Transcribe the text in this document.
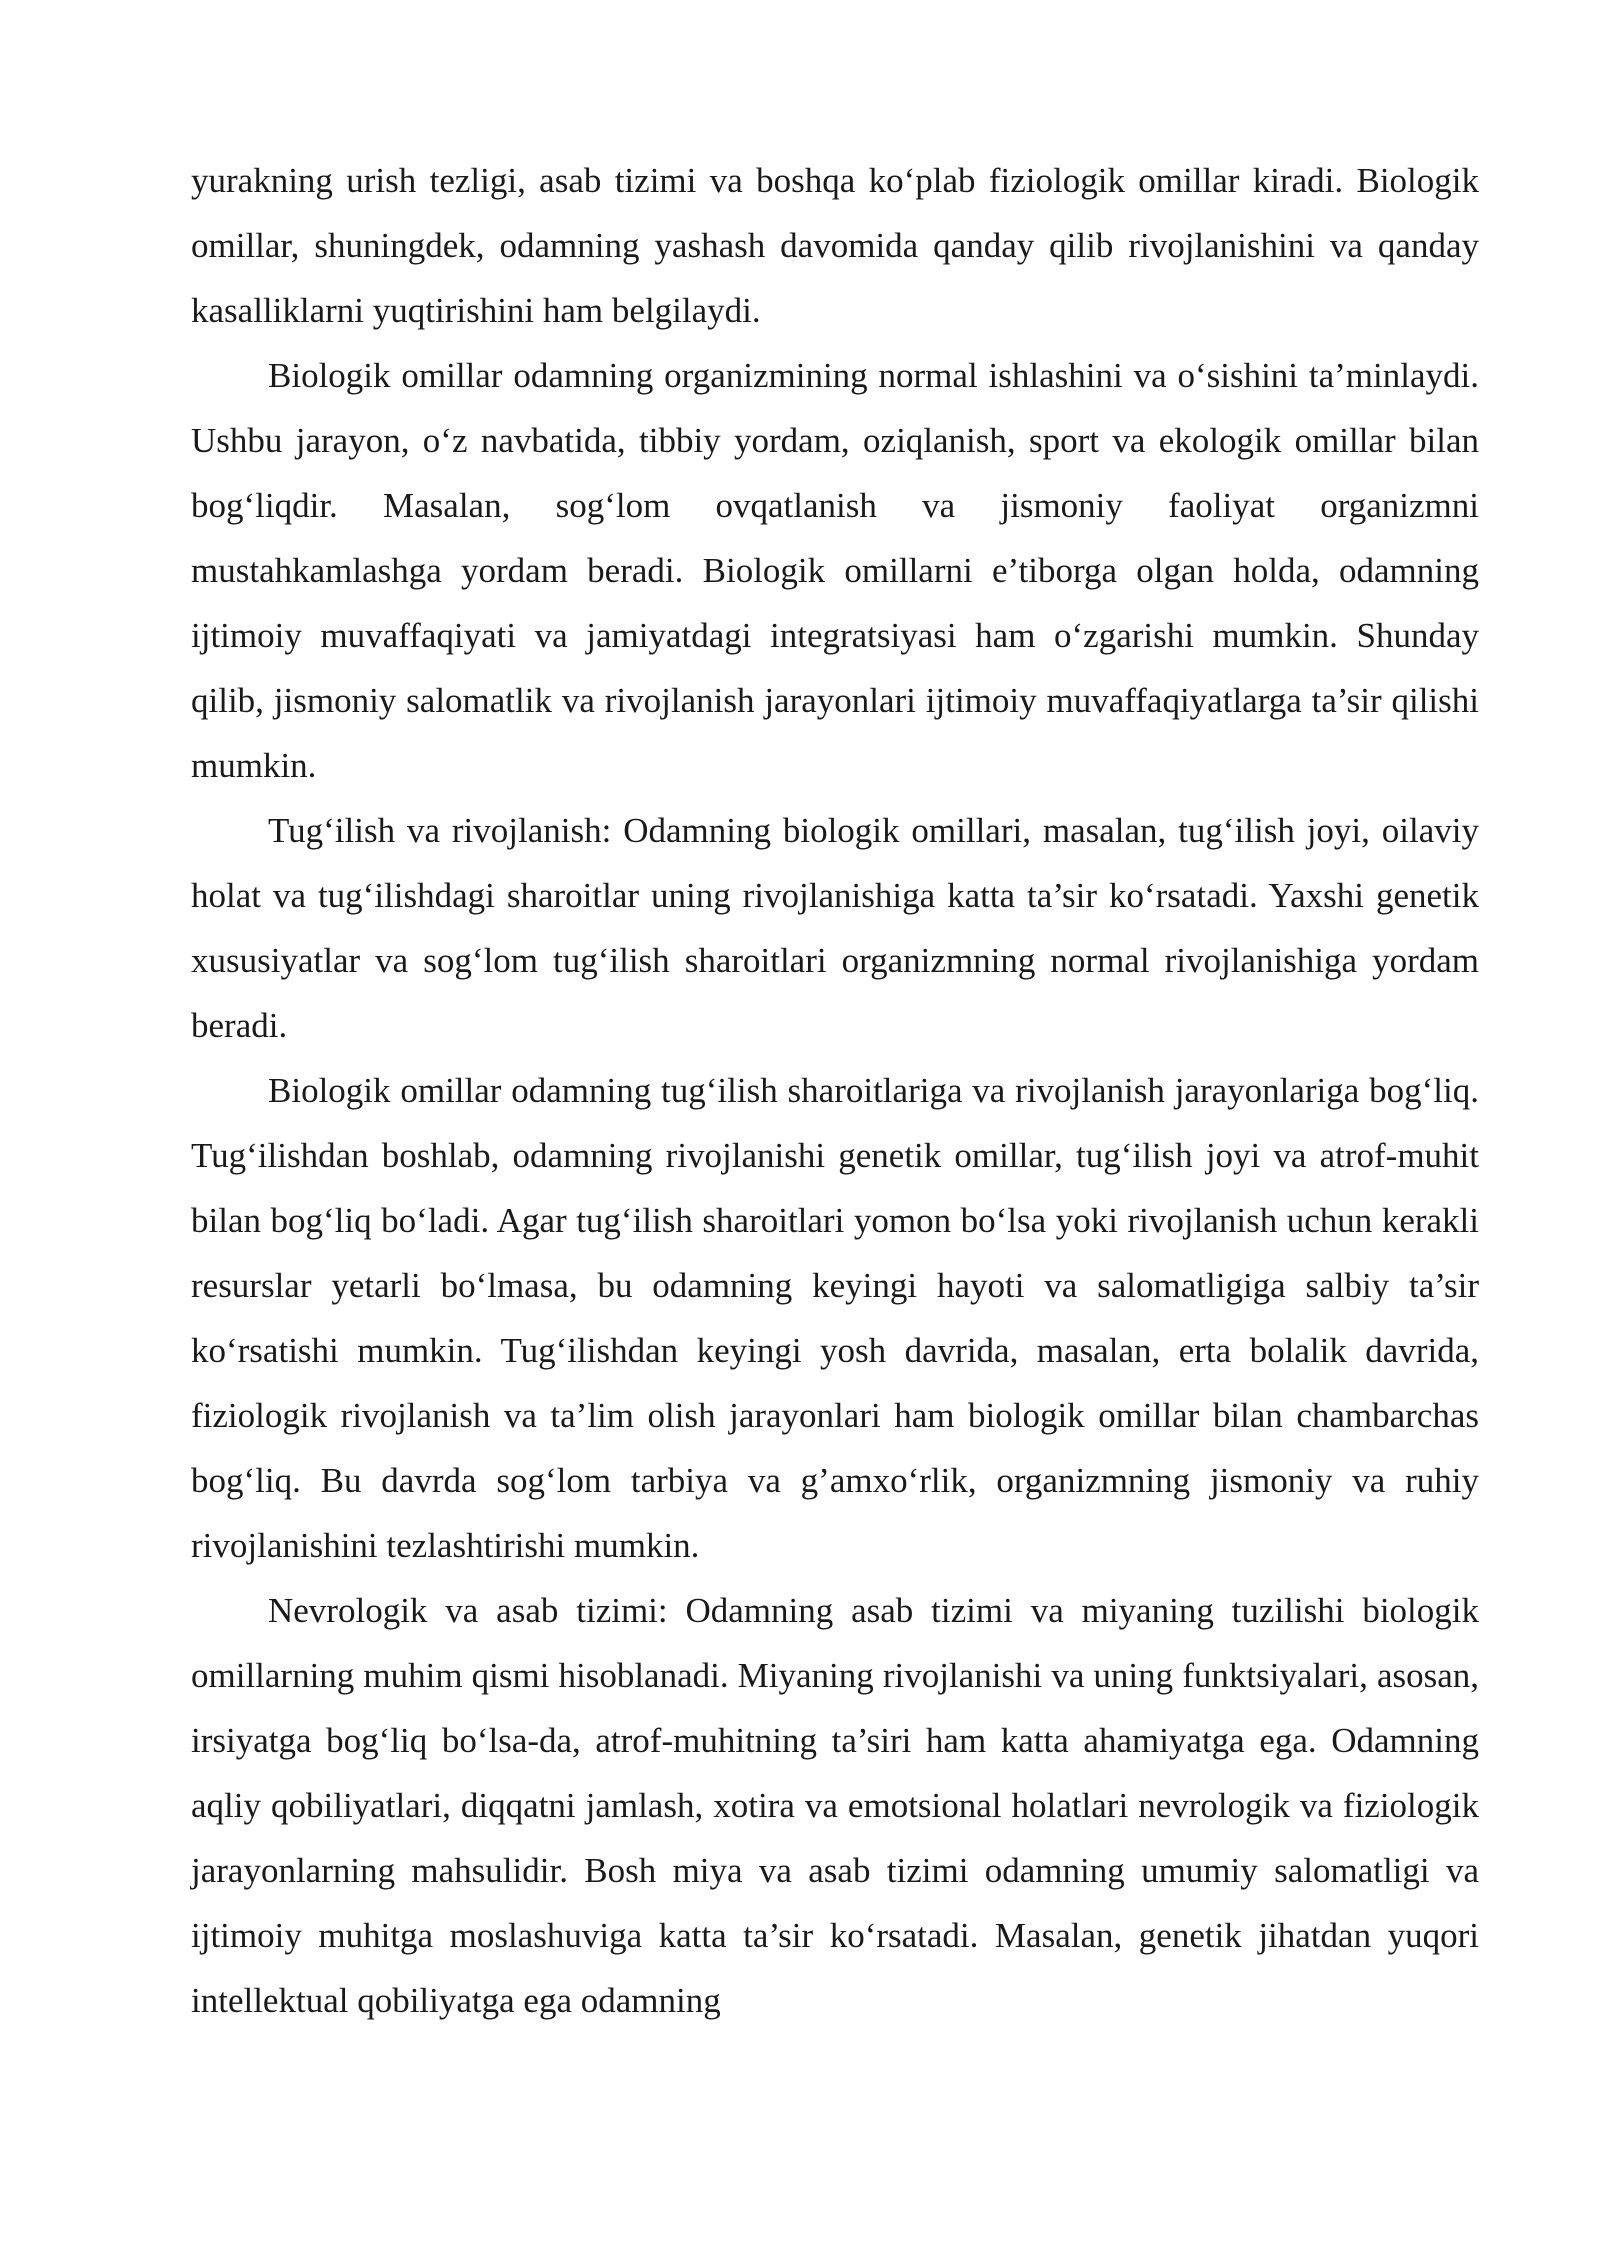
yurakning urish tezligi, asab tizimi va boshqa ko‘plab fiziologik omillar kiradi. Biologik omillar, shuningdek, odamning yashash davomida qanday qilib rivojlanishini va qanday kasalliklarni yuqtirishini ham belgilaydi.

Biologik omillar odamning organizmining normal ishlashini va o‘sishini ta’minlaydi. Ushbu jarayon, o‘z navbatida, tibbiy yordam, oziqlanish, sport va ekologik omillar bilan bog‘liqdir. Masalan, sog‘lom ovqatlanish va jismoniy faoliyat organizmni mustahkamlashga yordam beradi. Biologik omillarni e’tiborga olgan holda, odamning ijtimoiy muvaffaqiyati va jamiyatdagi integratsiyasi ham o‘zgarishi mumkin. Shunday qilib, jismoniy salomatlik va rivojlanish jarayonlari ijtimoiy muvaffaqiyatlarga ta’sir qilishi mumkin.

Tug‘ilish va rivojlanish: Odamning biologik omillari, masalan, tug‘ilish joyi, oilaviy holat va tug‘ilishdagi sharoitlar uning rivojlanishiga katta ta’sir ko‘rsatadi. Yaxshi genetik xususiyatlar va sog‘lom tug‘ilish sharoitlari organizmning normal rivojlanishiga yordam beradi.

Biologik omillar odamning tug‘ilish sharoitlariga va rivojlanish jarayonlariga bog‘liq. Tug‘ilishdan boshlab, odamning rivojlanishi genetik omillar, tug‘ilish joyi va atrof-muhit bilan bog‘liq bo‘ladi. Agar tug‘ilish sharoitlari yomon bo‘lsa yoki rivojlanish uchun kerakli resurslar yetarli bo‘lmasa, bu odamning keyingi hayoti va salomatligiga salbiy ta’sir ko‘rsatishi mumkin. Tug‘ilishdan keyingi yosh davrida, masalan, erta bolalik davrida, fiziologik rivojlanish va ta’lim olish jarayonlari ham biologik omillar bilan chambarchas bog‘liq. Bu davrda sog‘lom tarbiya va g’amxo‘rlik, organizmning jismoniy va ruhiy rivojlanishini tezlashtirishi mumkin.

Nevrologik va asab tizimi: Odamning asab tizimi va miyaning tuzilishi biologik omillarning muhim qismi hisoblanadi. Miyaning rivojlanishi va uning funktsiyalari, asosan, irsiyatga bog‘liq bo‘lsa-da, atrof-muhitning ta’siri ham katta ahamiyatga ega. Odamning aqliy qobiliyatlari, diqqatni jamlash, xotira va emotsional holatlari nevrologik va fiziologik jarayonlarning mahsulidir. Bosh miya va asab tizimi odamning umumiy salomatligi va ijtimoiy muhitga moslashuviga katta ta’sir ko‘rsatadi. Masalan, genetik jihatdan yuqori intellektual qobiliyatga ega odamning
